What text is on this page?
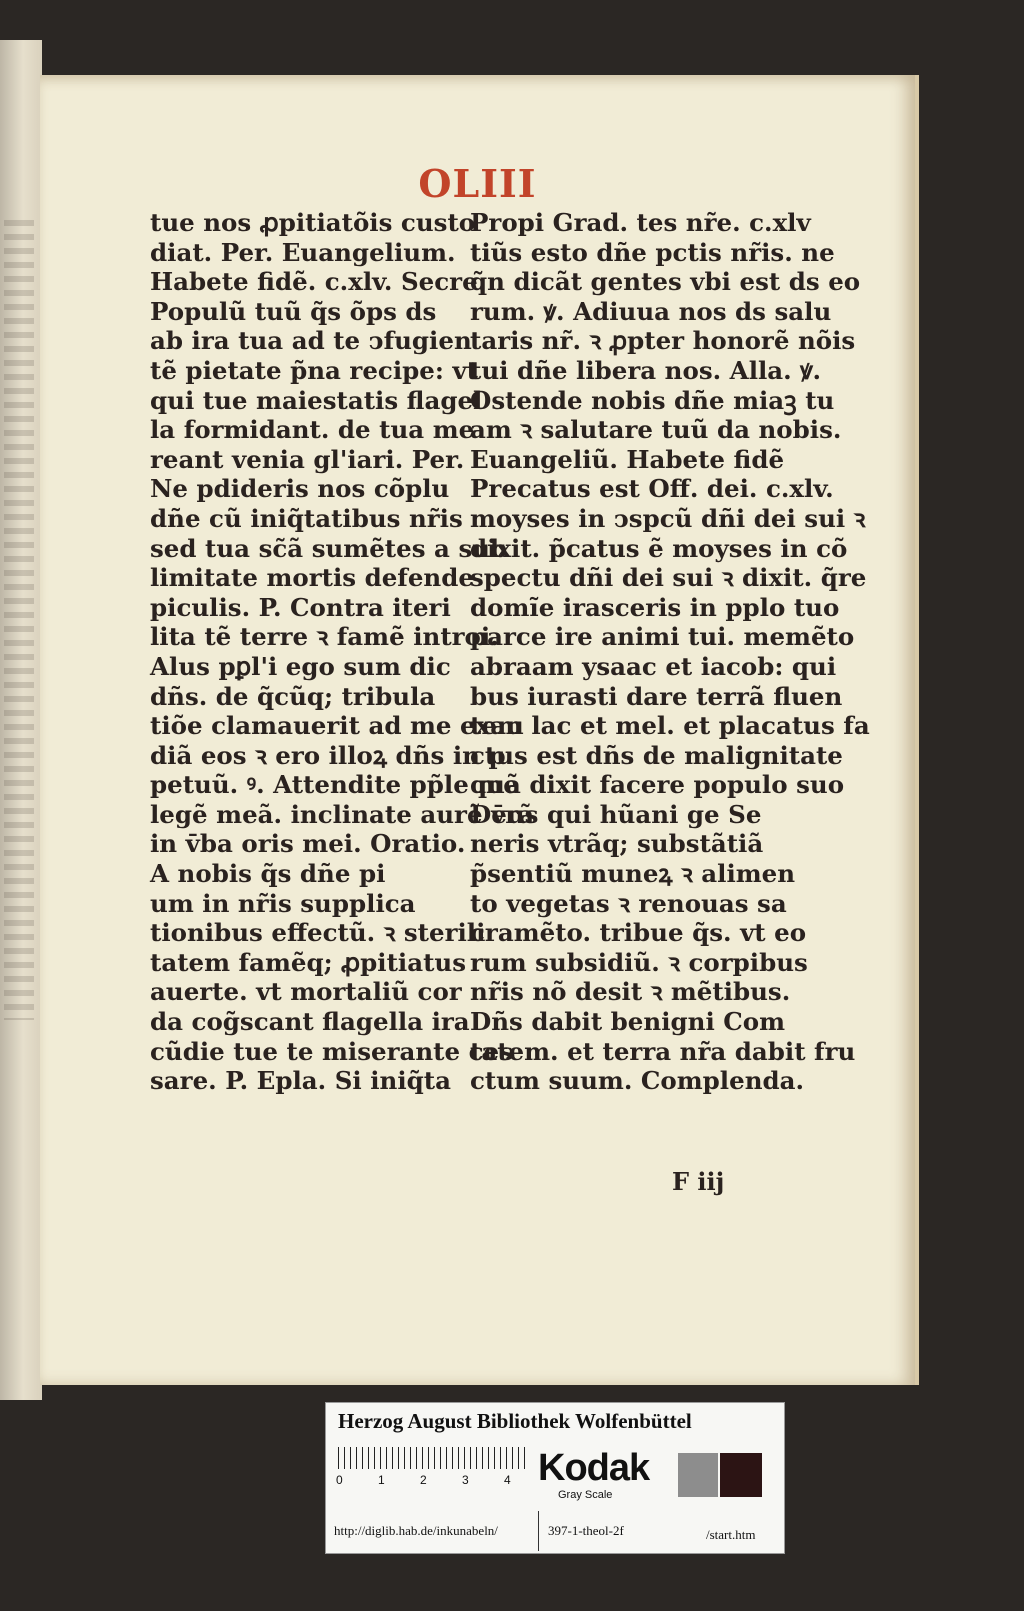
OLIII
tue nos ꝓpitiatõis custo
diat. Per. Euangelium.
Habete fidẽ. c.xlv. Secre.
Populũ tuũ q̃s õps ds
ab ira tua ad te ↄfugien
tẽ pietate p̃na recipe: vt
qui tue maiestatis flagel
la formidant. de tua me
reant venia gl'iari. Per.
Ne pdideris nos cõplu
dñe cũ iniq̃tatibus nr̃is
sed tua sc̃ã sumẽtes a sub
limitate mortis defende
piculis. P. Contra iteri
lita tẽ terre ꝛ famẽ introi.
Alus pꝑl'i ego sum dic
dñs. de q̃cũq; tribula
tiõe clamauerit ad me exau
diã eos ꝛ ero illoꝝ dñs in p
petuũ. ꝰ. Attendite pp̃le me
legẽ meã. inclinate aurẽ v̄rã
in v̄ba oris mei. Oratio.
A nobis q̃s dñe pi
um in nr̃is supplica
tionibus effectũ. ꝛ sterili
tatem famẽq; ꝓpitiatus
auerte. vt mortaliũ cor
da cog̃scant flagella ira
cũdie tue te miserante ces
sare. P. Epla. Si iniq̃ta
Propi Grad. tes nr̃e. c.xlv
tiũs esto dñe pctis nr̃is. ne
q̃n dicãt gentes vbi est ds eo
rum. ꝟ. Adiuua nos ds salu
taris nr̃. ꝛ ꝓpter honorẽ nõis
tui dñe libera nos. Alla. ꝟ.
Ostende nobis dñe miaꝫ tu
am ꝛ salutare tuũ da nobis.
Euangeliũ. Habete fidẽ
Precatus est Off. dei. c.xlv.
moyses in ↄspcũ dñi dei sui ꝛ
dixit. p̃catus ẽ moyses in cõ
spectu dñi dei sui ꝛ dixit. q̃re
domĩe irasceris in pplo tuo
parce ire animi tui. memẽto
abraam ysaac et iacob: qui
bus iurasti dare terrã fluen
tem lac et mel. et placatus fa
ctus est dñs de malignitate
quã dixit facere populo suo
Deus qui hũani ge Se
neris vtrãq; substãtiã
p̃sentiũ muneꝝ ꝛ alimen
to vegetas ꝛ renouas sa
cramẽto. tribue q̃s. vt eo
rum subsidiũ. ꝛ corpibus
nr̃is nõ desit ꝛ mẽtibus.
Dñs dabit benigni Com
tatem. et terra nr̃a dabit fru
ctum suum. Complenda.
F iij
Herzog August Bibliothek Wolfenbüttel
0	1	2	3	4 Kodak
Gray Scale
http://diglib.hab.de/inkunabeln/	397-1-theol-2f	/start.htm
